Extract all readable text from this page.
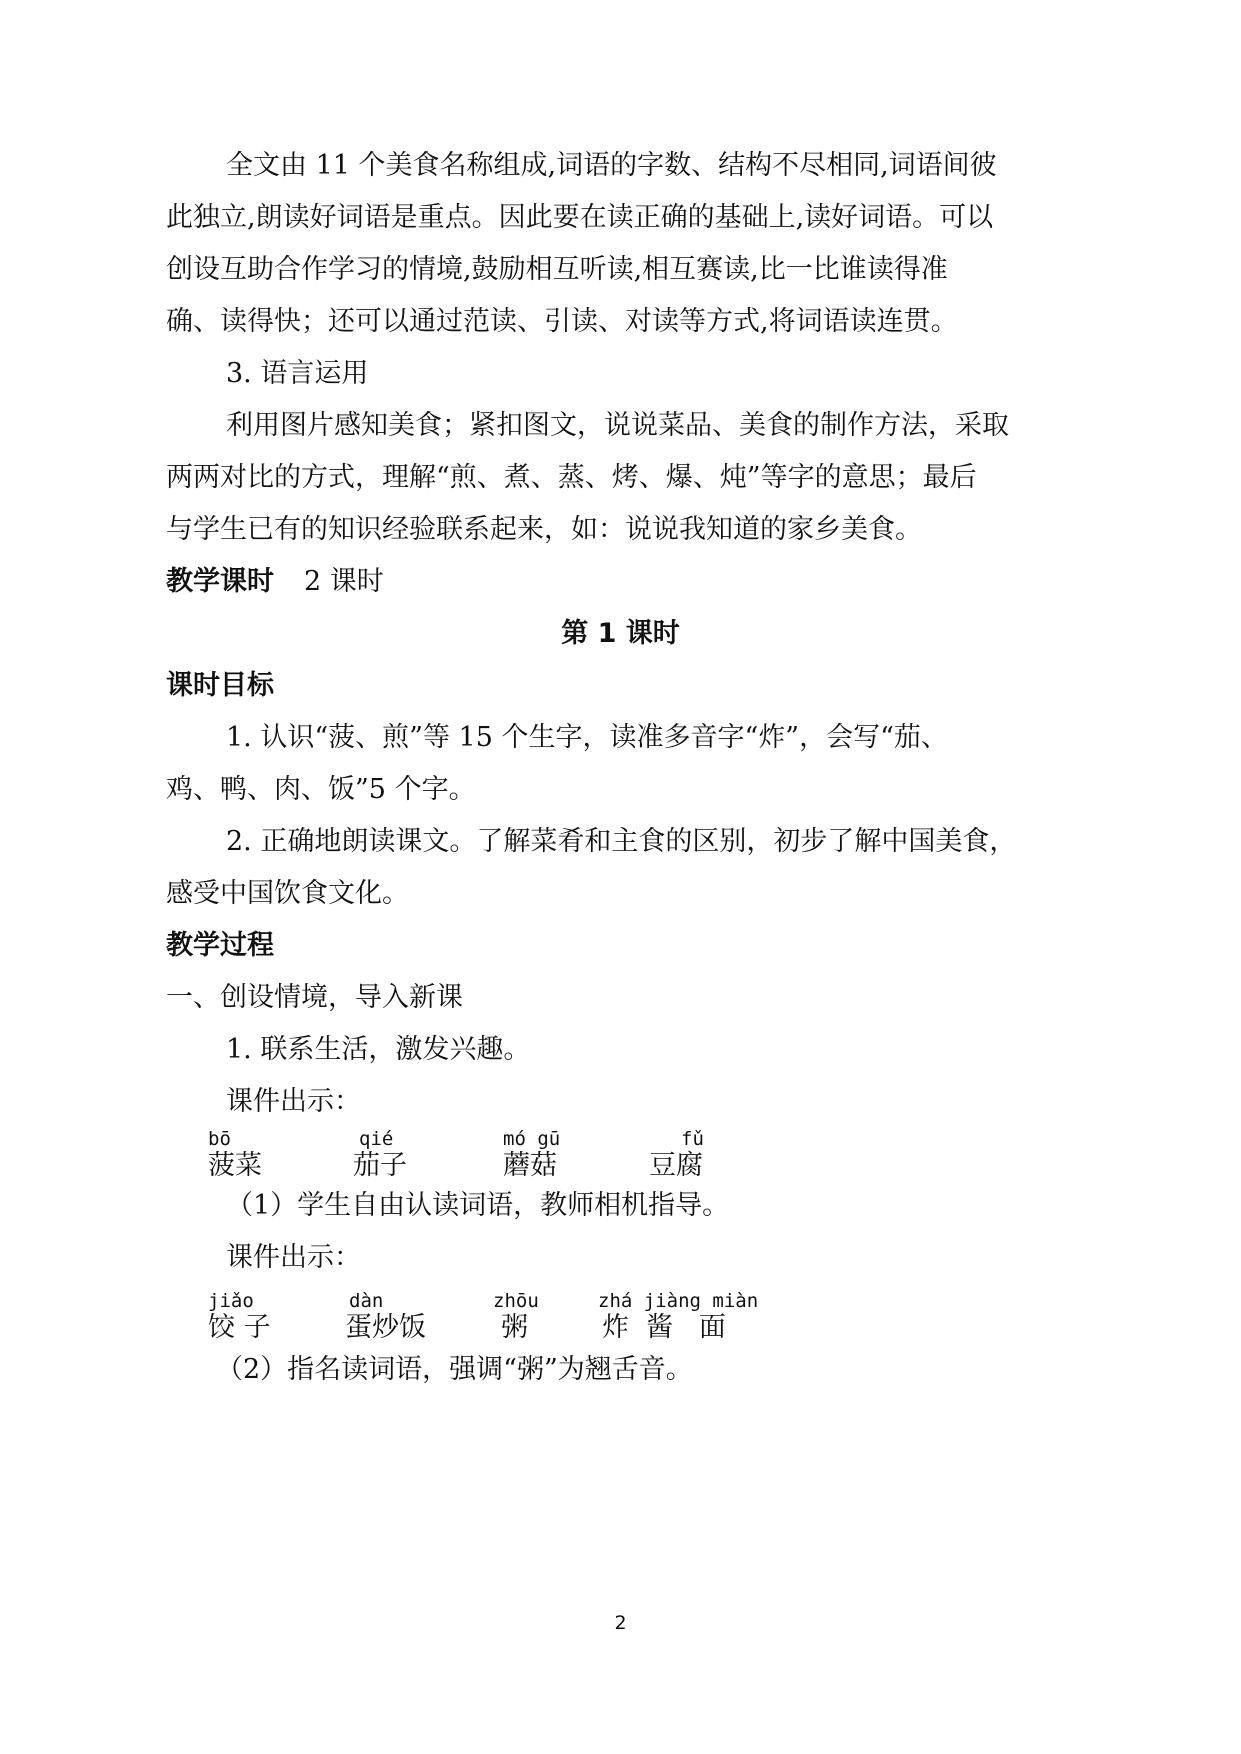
全文由 11 个美食名称组成,词语的字数、结构不尽相同,词语间彼
此独立,朗读好词语是重点。因此要在读正确的基础上,读好词语。可以
创设互助合作学习的情境,鼓励相互听读,相互赛读,比一比谁读得准
确、读得快；还可以通过范读、引读、对读等方式,将词语读连贯。
3. 语言运用
利用图片感知美食；紧扣图文，说说菜品、美食的制作方法，采取
两两对比的方式，理解“煎、煮、蒸、烤、爆、炖”等字的意思；最后
与学生已有的知识经验联系起来，如：说说我知道的家乡美食。
教学课时 2 课时
第 1 课时
课时目标
1. 认识“菠、煎”等 15 个生字，读准多音字“炸”，会写“茄、
鸡、鸭、肉、饭”5 个字。
2. 正确地朗读课文。了解菜肴和主食的区别，初步了解中国美食，
感受中国饮食文化。
教学过程
一、创设情境，导入新课
1. 联系生活，激发兴趣。
课件出示：
bō
菠菜
qié
茄子
mó gū
蘑菇
fǔ
豆腐
（1）学生自由认读词语，教师相机指导。
课件出示：
jiǎo
饺 子
dàn
蛋炒饭
zhōu
粥
zhá jiàng miàn
炸  酱   面
（2）指名读词语，强调“粥”为翘舌音。
2
